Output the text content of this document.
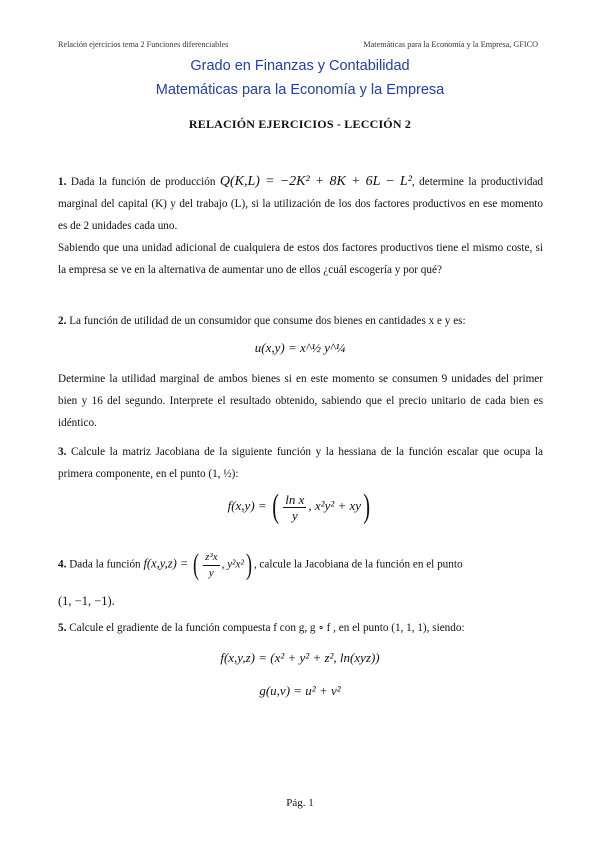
Relación ejercicios tema 2 Funciones diferenciables	Matemáticas para la Economía y la Empresa, GFICO
Grado en Finanzas y Contabilidad
Matemáticas para la Economía y la Empresa
RELACIÓN EJERCICIOS - LECCIÓN 2

1. Dada la función de producción Q(K,L) = −2K² + 8K + 6L − L², determine la productividad marginal del capital (K) y del trabajo (L), si la utilización de los dos factores productivos en ese momento es de 2 unidades cada uno.

Sabiendo que una unidad adicional de cualquiera de estos dos factores productivos tiene el mismo coste, si la empresa se ve en la alternativa de aumentar uno de ellos ¿cuál escogería y por qué?

2. La función de utilidad de un consumidor que consume dos bienes en cantidades x e y es:

u(x,y) = x^½ y^¼

Determine la utilidad marginal de ambos bienes si en este momento se consumen 9 unidades del primer bien y 16 del segundo. Interprete el resultado obtenido, sabiendo que el precio unitario de cada bien es idéntico.

3. Calcule la matriz Jacobiana de la siguiente función y la hessiana de la función escalar que ocupa la primera componente, en el punto (1, ½):

f(x,y) = ( $\frac{\text{ln x}}{y}$ , x²y² + xy)
4. Dada la función f(x,y,z) = ( $\frac{\text{z³x}}{y}$ , y²x²) , calcule la Jacobiana de la función en el punto

(1, −1, −1).

5. Calcule el gradiente de la función compuesta f con g, g ∘ f , en el punto (1, 1, 1), siendo:

f(x,y,z) = (x² + y² + z², ln(xyz))
g(u,v) = u² + v²
Pág. 1
